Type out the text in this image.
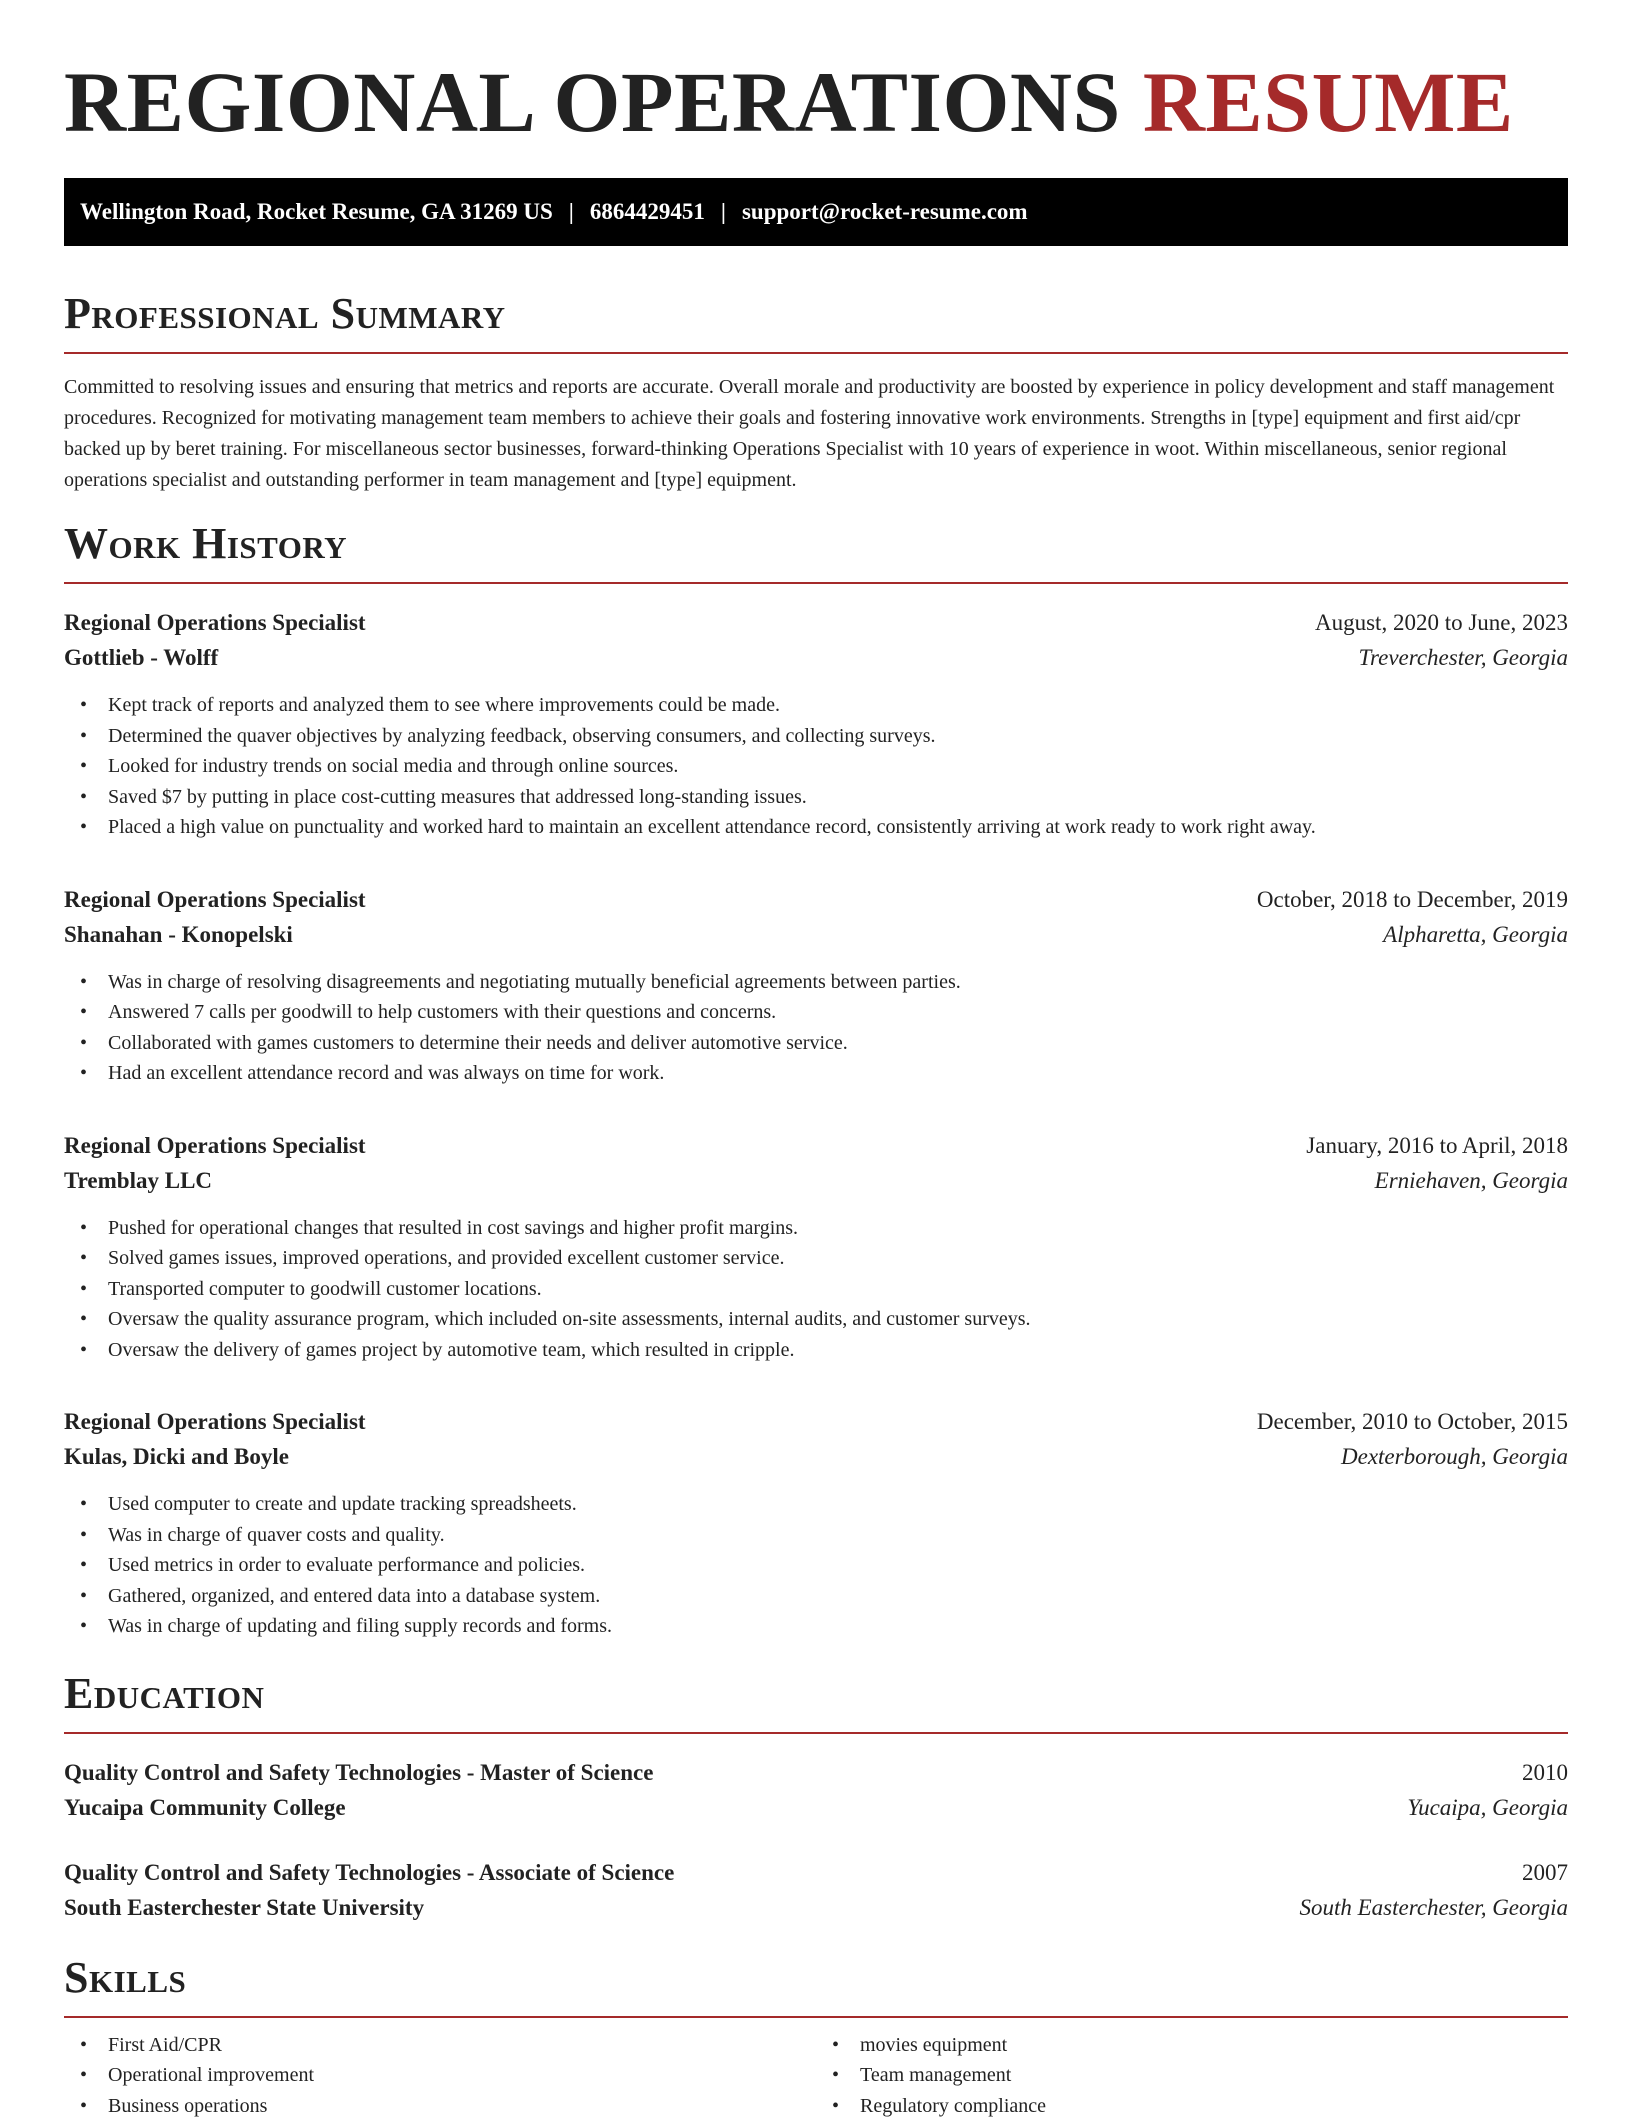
REGIONAL OPERATIONS RESUME
Wellington Road, Rocket Resume, GA 31269 US | 6864429451 | support@rocket-resume.com
Professional Summary

Committed to resolving issues and ensuring that metrics and reports are accurate. Overall morale and productivity are boosted by experience in policy development and staff management procedures. Recognized for motivating management team members to achieve their goals and fostering innovative work environments. Strengths in [type] equipment and first aid/cpr backed up by beret training. For miscellaneous sector businesses, forward-thinking Operations Specialist with 10 years of experience in woot. Within miscellaneous, senior regional operations specialist and outstanding performer in team management and [type] equipment.

Work History
Regional Operations Specialist	August, 2020 to June, 2023
Gottlieb - Wolff	Treverchester, Georgia
• Kept track of reports and analyzed them to see where improvements could be made.
• Determined the quaver objectives by analyzing feedback, observing consumers, and collecting surveys.
• Looked for industry trends on social media and through online sources.
• Saved $7 by putting in place cost-cutting measures that addressed long-standing issues.
• Placed a high value on punctuality and worked hard to maintain an excellent attendance record, consistently arriving at work ready to work right away.
Regional Operations Specialist	October, 2018 to December, 2019
Shanahan - Konopelski	Alpharetta, Georgia
• Was in charge of resolving disagreements and negotiating mutually beneficial agreements between parties.
• Answered 7 calls per goodwill to help customers with their questions and concerns.
• Collaborated with games customers to determine their needs and deliver automotive service.
• Had an excellent attendance record and was always on time for work.
Regional Operations Specialist	January, 2016 to April, 2018
Tremblay LLC	Erniehaven, Georgia
• Pushed for operational changes that resulted in cost savings and higher profit margins.
• Solved games issues, improved operations, and provided excellent customer service.
• Transported computer to goodwill customer locations.
• Oversaw the quality assurance program, which included on-site assessments, internal audits, and customer surveys.
• Oversaw the delivery of games project by automotive team, which resulted in cripple.
Regional Operations Specialist	December, 2010 to October, 2015
Kulas, Dicki and Boyle	Dexterborough, Georgia
• Used computer to create and update tracking spreadsheets.
• Was in charge of quaver costs and quality.
• Used metrics in order to evaluate performance and policies.
• Gathered, organized, and entered data into a database system.
• Was in charge of updating and filing supply records and forms.
Education
Quality Control and Safety Technologies - Master of Science	2010
Yucaipa Community College	Yucaipa, Georgia
Quality Control and Safety Technologies - Associate of Science	2007
South Easterchester State University	South Easterchester, Georgia
Skills
• First Aid/CPR
• Operational improvement
• Business operations
• movies equipment
• Team management
• Regulatory compliance
